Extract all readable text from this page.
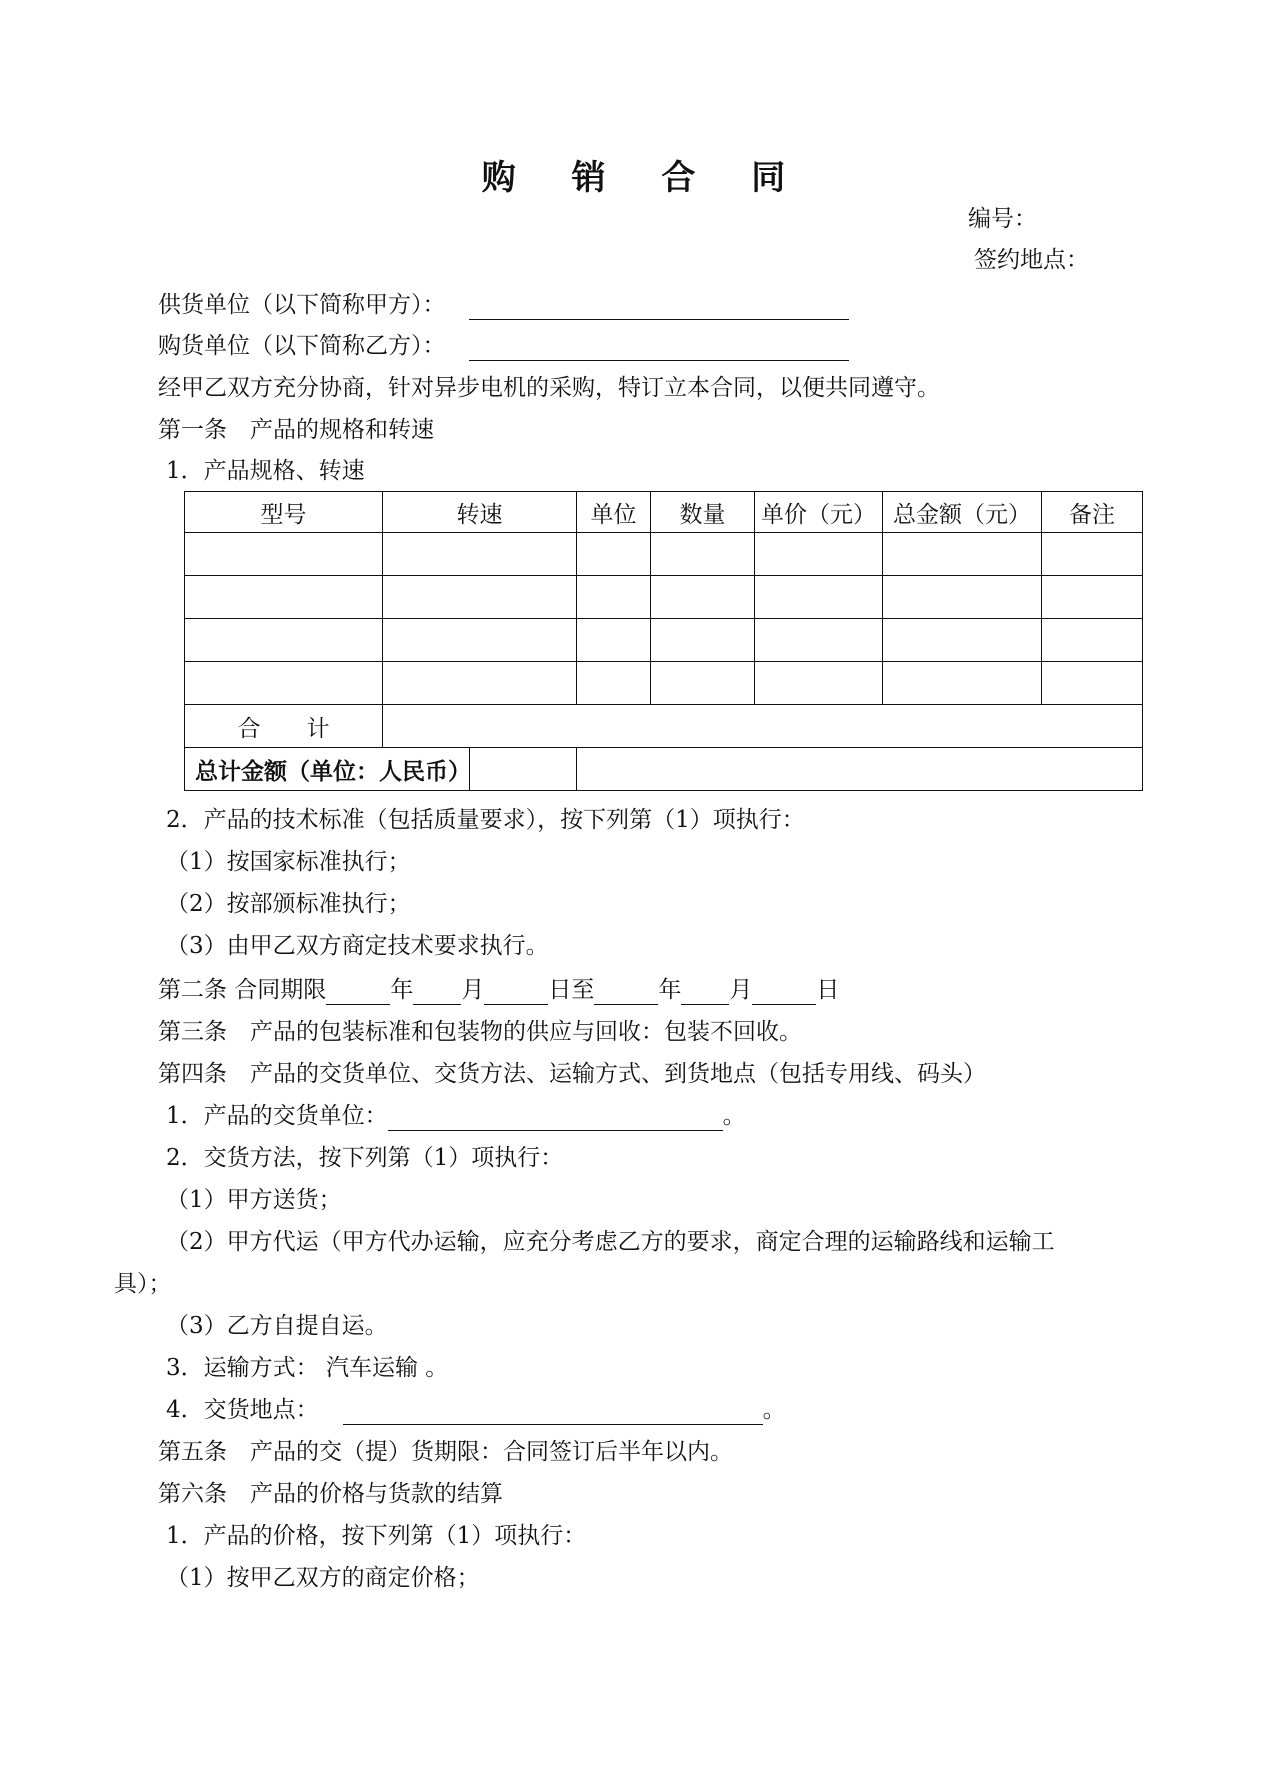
购 销 合 同
编号：
签约地点：
供货单位（以下简称甲方）：
购货单位（以下简称乙方）：
经甲乙双方充分协商，针对异步电机的采购，特订立本合同，以便共同遵守。
第一条　产品的规格和转速
1．产品规格、转速
型号	转速	单位	数量	单价（元）	总金额（元）	备注

合　　计						

总计金额（单位：人民币）						

2．产品的技术标准（包括质量要求），按下列第（1）项执行：
（1）按国家标准执行；
（2）按部颁标准执行；
（3）由甲乙双方商定技术要求执行。
第二条 合同期限	年 月	日至	年 月	日
第三条　产品的包装标准和包装物的供应与回收：包装不回收。
第四条　产品的交货单位、交货方法、运输方式、到货地点（包括专用线、码头）
1．产品的交货单位：	。
2．交货方法，按下列第（1）项执行：
（1）甲方送货；
（2）甲方代运（甲方代办运输，应充分考虑乙方的要求，商定合理的运输路线和运输工
具）；
（3）乙方自提自运。
3．运输方式： 汽车运输 。
4．交货地点：	。
第五条　产品的交（提）货期限：合同签订后半年以内。
第六条　产品的价格与货款的结算
1．产品的价格，按下列第（1）项执行：
（1）按甲乙双方的商定价格；
